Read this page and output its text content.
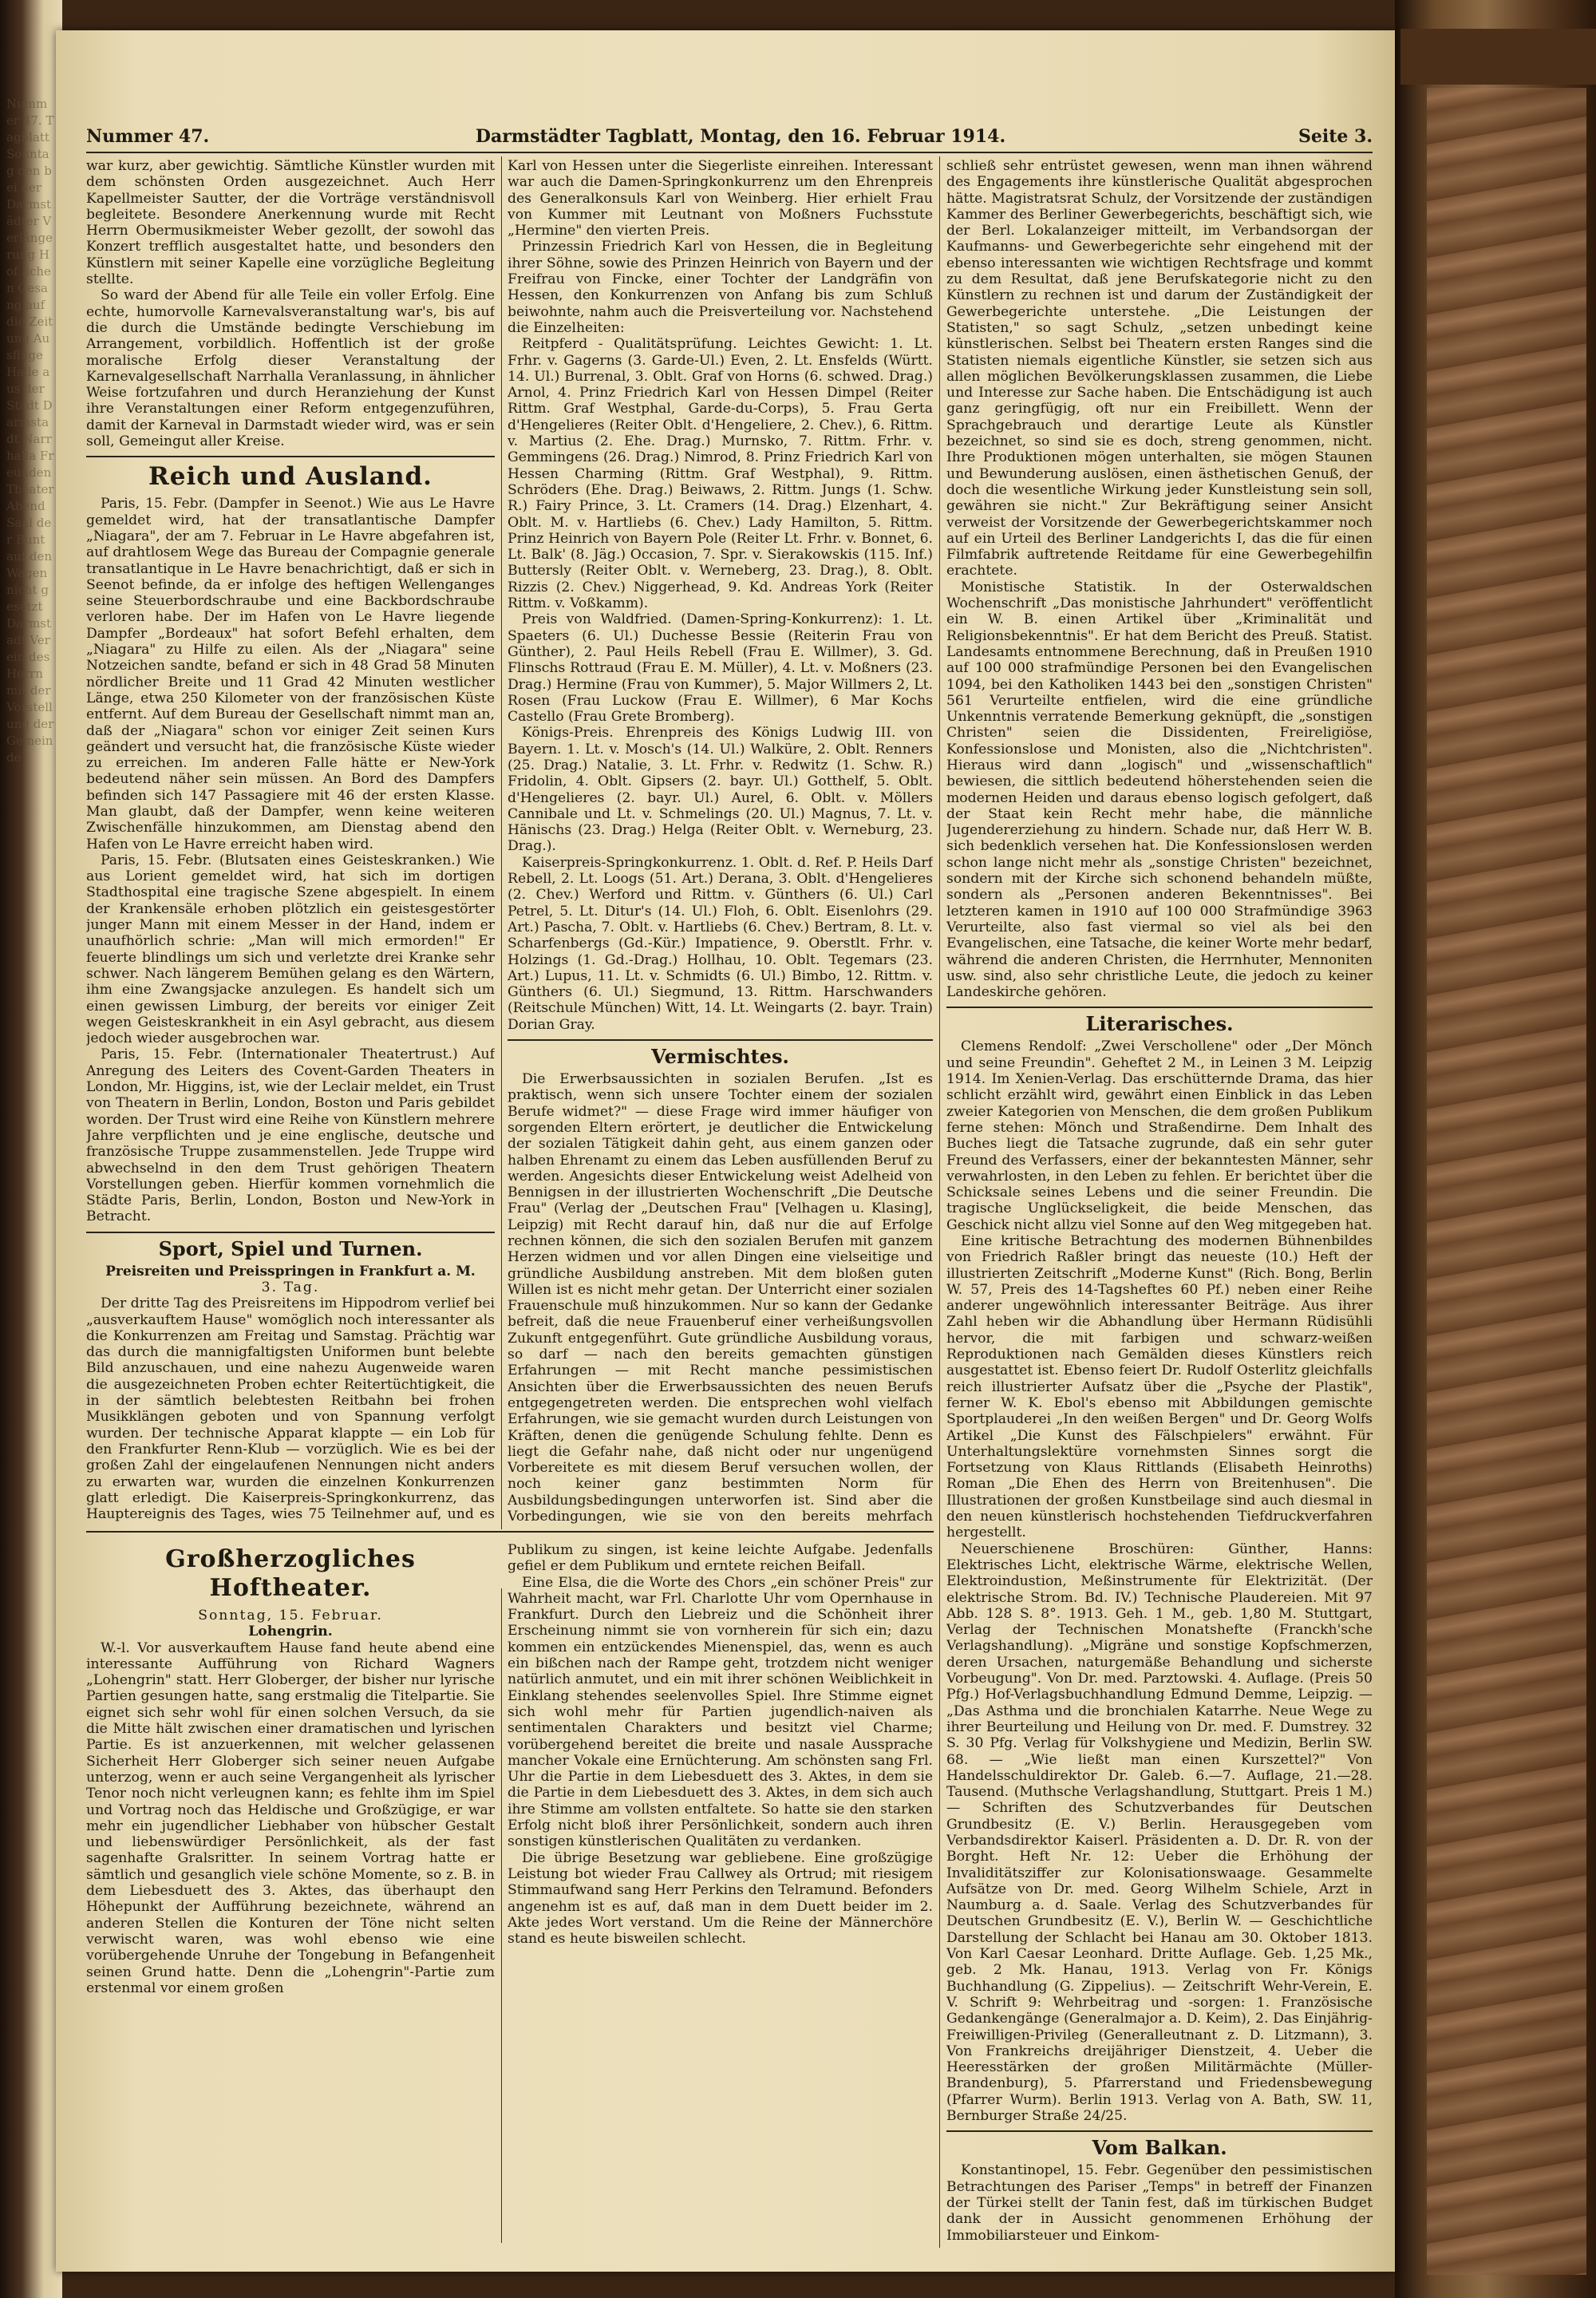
Nummer 47. Tagblatt Sonntag den bei der Darmstädter Verlängerung Hof lichen Gesang auf die Zeitung Ausflüge Halle aus der Stadt Darmstadt Narrhalla Freunden Theater Abend Saal der Bunt auf den Wagen nicht gesetzt Darmstadt Verein des Herrn mit der Vorstellung der Gemeinde
Nummer 47.	Darmstädter Tagblatt, Montag, den 16. Februar 1914.	Seite 3.

war kurz, aber gewichtig. Sämtliche Künstler wurden mit dem schönsten Orden ausgezeichnet. Auch Herr Kapellmeister Sautter, der die Vorträge verständnisvoll begleitete. Besondere Anerkennung wurde mit Recht Herrn Obermusikmeister Weber gezollt, der sowohl das Konzert trefflich ausgestaltet hatte, und besonders den Künstlern mit seiner Kapelle eine vorzügliche Begleitung stellte.

So ward der Abend für alle Teile ein voller Erfolg. Eine echte, humorvolle Karnevalsveranstaltung war's, bis auf die durch die Umstände bedingte Verschiebung im Arrangement, vorbildlich. Hoffentlich ist der große moralische Erfolg dieser Veranstaltung der Karnevalgesellschaft Narrhalla Veranlassung, in ähnlicher Weise fortzufahren und durch Heranziehung der Kunst ihre Veranstaltungen einer Reform entgegenzuführen, damit der Karneval in Darmstadt wieder wird, was er sein soll, Gemeingut aller Kreise.

Reich und Ausland.

Paris, 15. Febr. (Dampfer in Seenot.) Wie aus Le Havre gemeldet wird, hat der transatlantische Dampfer „Niagara", der am 7. Februar in Le Havre abgefahren ist, auf drahtlosem Wege das Bureau der Compagnie generale transatlantique in Le Havre benachrichtigt, daß er sich in Seenot befinde, da er infolge des heftigen Wellenganges seine Steuerbordschraube und eine Backbordschraube verloren habe. Der im Hafen von Le Havre liegende Dampfer „Bordeaux" hat sofort Befehl erhalten, dem „Niagara" zu Hilfe zu eilen. Als der „Niagara" seine Notzeichen sandte, befand er sich in 48 Grad 58 Minuten nördlicher Breite und 11 Grad 42 Minuten westlicher Länge, etwa 250 Kilometer von der französischen Küste entfernt. Auf dem Bureau der Gesellschaft nimmt man an, daß der „Niagara" schon vor einiger Zeit seinen Kurs geändert und versucht hat, die französische Küste wieder zu erreichen. Im anderen Falle hätte er New-York bedeutend näher sein müssen. An Bord des Dampfers befinden sich 147 Passagiere mit 46 der ersten Klasse. Man glaubt, daß der Dampfer, wenn keine weiteren Zwischenfälle hinzukommen, am Dienstag abend den Hafen von Le Havre erreicht haben wird.

Paris, 15. Febr. (Blutsaten eines Geisteskranken.) Wie aus Lorient gemeldet wird, hat sich im dortigen Stadthospital eine tragische Szene abgespielt. In einem der Krankensäle erhoben plötzlich ein geistesgestörter junger Mann mit einem Messer in der Hand, indem er unaufhörlich schrie: „Man will mich ermorden!" Er feuerte blindlings um sich und verletzte drei Kranke sehr schwer. Nach längerem Bemühen gelang es den Wärtern, ihm eine Zwangsjacke anzulegen. Es handelt sich um einen gewissen Limburg, der bereits vor einiger Zeit wegen Geisteskrankheit in ein Asyl gebracht, aus diesem jedoch wieder ausgebrochen war.

Paris, 15. Febr. (Internationaler Theatertrust.) Auf Anregung des Leiters des Covent-Garden Theaters in London, Mr. Higgins, ist, wie der Leclair meldet, ein Trust von Theatern in Berlin, London, Boston und Paris gebildet worden. Der Trust wird eine Reihe von Künstlern mehrere Jahre verpflichten und je eine englische, deutsche und französische Truppe zusammenstellen. Jede Truppe wird abwechselnd in den dem Trust gehörigen Theatern Vorstellungen geben. Hierfür kommen vornehmlich die Städte Paris, Berlin, London, Boston und New-York in Betracht.

Sport, Spiel und Turnen.

Preisreiten und Preisspringen in Frankfurt a. M.

3. Tag.

Der dritte Tag des Preisreitens im Hippodrom verlief bei „ausverkauftem Hause" womöglich noch interessanter als die Konkurrenzen am Freitag und Samstag. Prächtig war das durch die mannigfaltigsten Uniformen bunt belebte Bild anzuschauen, und eine nahezu Augenweide waren die ausgezeichneten Proben echter Reitertüchtigkeit, die in der sämtlich belebtesten Reitbahn bei frohen Musikklängen geboten und von Spannung verfolgt wurden. Der technische Apparat klappte — ein Lob für den Frankfurter Renn-Klub — vorzüglich. Wie es bei der großen Zahl der eingelaufenen Nennungen nicht anders zu erwarten war, wurden die einzelnen Konkurrenzen glatt erledigt. Die Kaiserpreis-Springkonkurrenz, das Hauptereignis des Tages, wies 75 Teilnehmer auf, und es

Karl von Hessen unter die Siegerliste einreihen. Interessant war auch die Damen-Springkonkurrenz um den Ehrenpreis des Generalkonsuls Karl von Weinberg. Hier erhielt Frau von Kummer mit Leutnant von Moßners Fuchsstute „Hermine" den vierten Preis.

Prinzessin Friedrich Karl von Hessen, die in Begleitung ihrer Söhne, sowie des Prinzen Heinrich von Bayern und der Freifrau von Fincke, einer Tochter der Landgräfin von Hessen, den Konkurrenzen von Anfang bis zum Schluß beiwohnte, nahm auch die Preisverteilung vor. Nachstehend die Einzelheiten:

Reitpferd - Qualitätsprüfung. Leichtes Gewicht: 1. Lt. Frhr. v. Gagerns (3. Garde-Ul.) Even, 2. Lt. Ensfelds (Württ. 14. Ul.) Burrenal, 3. Oblt. Graf von Horns (6. schwed. Drag.) Arnol, 4. Prinz Friedrich Karl von Hessen Dimpel (Reiter Rittm. Graf Westphal, Garde-du-Corps), 5. Frau Gerta d'Hengelieres (Reiter Oblt. d'Hengeliere, 2. Chev.), 6. Rittm. v. Martius (2. Ehe. Drag.) Murnsko, 7. Rittm. Frhr. v. Gemmingens (26. Drag.) Nimrod, 8. Prinz Friedrich Karl von Hessen Charming (Rittm. Graf Westphal), 9. Rittm. Schröders (Ehe. Drag.) Beiwaws, 2. Rittm. Jungs (1. Schw. R.) Fairy Prince, 3. Lt. Cramers (14. Drag.) Elzenhart, 4. Oblt. M. v. Hartliebs (6. Chev.) Lady Hamilton, 5. Rittm. Prinz Heinrich von Bayern Pole (Reiter Lt. Frhr. v. Bonnet, 6. Lt. Balk' (8. Jäg.) Occasion, 7. Spr. v. Sierakowskis (115. Inf.) Buttersly (Reiter Oblt. v. Werneberg, 23. Drag.), 8. Oblt. Rizzis (2. Chev.) Niggerhead, 9. Kd. Andreas York (Reiter Rittm. v. Voßkamm).

Preis von Waldfried. (Damen-Spring-Konkurrenz): 1. Lt. Spaeters (6. Ul.) Duchesse Bessie (Reiterin Frau von Günther), 2. Paul Heils Rebell (Frau E. Willmer), 3. Gd. Flinschs Rottraud (Frau E. M. Müller), 4. Lt. v. Moßners (23. Drag.) Hermine (Frau von Kummer), 5. Major Willmers 2, Lt. Rosen (Frau Luckow (Frau E. Willmer), 6 Mar Kochs Castello (Frau Grete Bromberg).

Königs-Preis. Ehrenpreis des Königs Ludwig III. von Bayern. 1. Lt. v. Mosch's (14. Ul.) Walküre, 2. Oblt. Renners (25. Drag.) Natalie, 3. Lt. Frhr. v. Redwitz (1. Schw. R.) Fridolin, 4. Oblt. Gipsers (2. bayr. Ul.) Gotthelf, 5. Oblt. d'Hengelieres (2. bayr. Ul.) Aurel, 6. Oblt. v. Möllers Cannibale und Lt. v. Schmelings (20. Ul.) Magnus, 7. Lt. v. Hänischs (23. Drag.) Helga (Reiter Oblt. v. Werneburg, 23. Drag.).

Kaiserpreis-Springkonkurrenz. 1. Oblt. d. Ref. P. Heils Darf Rebell, 2. Lt. Loogs (51. Art.) Derana, 3. Oblt. d'Hengelieres (2. Chev.) Werford und Rittm. v. Günthers (6. Ul.) Carl Petrel, 5. Lt. Ditur's (14. Ul.) Floh, 6. Oblt. Eisenlohrs (29. Art.) Pascha, 7. Oblt. v. Hartliebs (6. Chev.) Bertram, 8. Lt. v. Scharfenbergs (Gd.-Kür.) Impatience, 9. Oberstlt. Frhr. v. Holzings (1. Gd.-Drag.) Hollhau, 10. Oblt. Tegemars (23. Art.) Lupus, 11. Lt. v. Schmidts (6. Ul.) Bimbo, 12. Rittm. v. Günthers (6. Ul.) Siegmund, 13. Rittm. Harschwanders (Reitschule München) Witt, 14. Lt. Weingarts (2. bayr. Train) Dorian Gray.

Vermischtes.

Die Erwerbsaussichten in sozialen Berufen. „Ist es praktisch, wenn sich unsere Tochter einem der sozialen Berufe widmet?" — diese Frage wird immer häufiger von sorgenden Eltern erörtert, je deutlicher die Entwickelung der sozialen Tätigkeit dahin geht, aus einem ganzen oder halben Ehrenamt zu einem das Leben ausfüllenden Beruf zu werden. Angesichts dieser Entwickelung weist Adelheid von Bennigsen in der illustrierten Wochenschrift „Die Deutsche Frau" (Verlag der „Deutschen Frau" [Velhagen u. Klasing], Leipzig) mit Recht darauf hin, daß nur die auf Erfolge rechnen können, die sich den sozialen Berufen mit ganzem Herzen widmen und vor allen Dingen eine vielseitige und gründliche Ausbildung anstreben. Mit dem bloßen guten Willen ist es nicht mehr getan. Der Unterricht einer sozialen Frauenschule muß hinzukommen. Nur so kann der Gedanke befreit, daß die neue Frauenberuf einer verheißungsvollen Zukunft entgegenführt. Gute gründliche Ausbildung voraus, so darf — nach den bereits gemachten günstigen Erfahrungen — mit Recht manche pessimistischen Ansichten über die Erwerbsaussichten des neuen Berufs entgegengetreten werden. Die entsprechen wohl vielfach Erfahrungen, wie sie gemacht wurden durch Leistungen von Kräften, denen die genügende Schulung fehlte. Denn es liegt die Gefahr nahe, daß nicht oder nur ungenügend Vorbereitete es mit diesem Beruf versuchen wollen, der noch keiner ganz bestimmten Norm für Ausbildungsbedingungen unterworfen ist. Sind aber die Vorbedingungen, wie sie von den bereits mehrfach

schließ sehr entrüstet gewesen, wenn man ihnen während des Engagements ihre künstlerische Qualität abgesprochen hätte. Magistratsrat Schulz, der Vorsitzende der zuständigen Kammer des Berliner Gewerbegerichts, beschäftigt sich, wie der Berl. Lokalanzeiger mitteilt, im Verbandsorgan der Kaufmanns- und Gewerbegerichte sehr eingehend mit der ebenso interessanten wie wichtigen Rechtsfrage und kommt zu dem Resultat, daß jene Berufskategorie nicht zu den Künstlern zu rechnen ist und darum der Zuständigkeit der Gewerbegerichte unterstehe. „Die Leistungen der Statisten," so sagt Schulz, „setzen unbedingt keine künstlerischen. Selbst bei Theatern ersten Ranges sind die Statisten niemals eigentliche Künstler, sie setzen sich aus allen möglichen Bevölkerungsklassen zusammen, die Liebe und Interesse zur Sache haben. Die Entschädigung ist auch ganz geringfügig, oft nur ein Freibillett. Wenn der Sprachgebrauch und derartige Leute als Künstler bezeichnet, so sind sie es doch, streng genommen, nicht. Ihre Produktionen mögen unterhalten, sie mögen Staunen und Bewunderung auslösen, einen ästhetischen Genuß, der doch die wesentliche Wirkung jeder Kunstleistung sein soll, gewähren sie nicht." Zur Bekräftigung seiner Ansicht verweist der Vorsitzende der Gewerbegerichtskammer noch auf ein Urteil des Berliner Landgerichts I, das die für einen Filmfabrik auftretende Reitdame für eine Gewerbegehilfin erachtete.

Monistische Statistik. In der Osterwaldschen Wochenschrift „Das monistische Jahrhundert" veröffentlicht ein W. B. einen Artikel über „Kriminalität und Religionsbekenntnis". Er hat dem Bericht des Preuß. Statist. Landesamts entnommene Berechnung, daß in Preußen 1910 auf 100 000 strafmündige Personen bei den Evangelischen 1094, bei den Katholiken 1443 bei den „sonstigen Christen" 561 Verurteilte entfielen, wird die eine gründliche Unkenntnis verratende Bemerkung geknüpft, die „sonstigen Christen" seien die Dissidenten, Freireligiöse, Konfessionslose und Monisten, also die „Nichtchristen". Hieraus wird dann „logisch" und „wissenschaftlich" bewiesen, die sittlich bedeutend höherstehenden seien die modernen Heiden und daraus ebenso logisch gefolgert, daß der Staat kein Recht mehr habe, die männliche Jugendererziehung zu hindern. Schade nur, daß Herr W. B. sich bedenklich versehen hat. Die Konfessionslosen werden schon lange nicht mehr als „sonstige Christen" bezeichnet, sondern mit der Kirche sich schonend behandeln müßte, sondern als „Personen anderen Bekenntnisses". Bei letzteren kamen in 1910 auf 100 000 Strafmündige 3963 Verurteilte, also fast viermal so viel als bei den Evangelischen, eine Tatsache, die keiner Worte mehr bedarf, während die anderen Christen, die Herrnhuter, Mennoniten usw. sind, also sehr christliche Leute, die jedoch zu keiner Landeskirche gehören.

Literarisches.

Clemens Rendolf: „Zwei Verschollene" oder „Der Mönch und seine Freundin". Geheftet 2 M., in Leinen 3 M. Leipzig 1914. Im Xenien-Verlag. Das erschütternde Drama, das hier schlicht erzählt wird, gewährt einen Einblick in das Leben zweier Kategorien von Menschen, die dem großen Publikum ferne stehen: Mönch und Straßendirne. Dem Inhalt des Buches liegt die Tatsache zugrunde, daß ein sehr guter Freund des Verfassers, einer der bekanntesten Männer, sehr verwahrlosten, in den Leben zu fehlen. Er berichtet über die Schicksale seines Lebens und die seiner Freundin. Die tragische Unglückseligkeit, die beide Menschen, das Geschick nicht allzu viel Sonne auf den Weg mitgegeben hat.

Eine kritische Betrachtung des modernen Bühnenbildes von Friedrich Raßler bringt das neueste (10.) Heft der illustrierten Zeitschrift „Moderne Kunst" (Rich. Bong, Berlin W. 57, Preis des 14-Tagsheftes 60 Pf.) neben einer Reihe anderer ungewöhnlich interessanter Beiträge. Aus ihrer Zahl heben wir die Abhandlung über Hermann Rüdisühli hervor, die mit farbigen und schwarz-weißen Reproduktionen nach Gemälden dieses Künstlers reich ausgestattet ist. Ebenso feiert Dr. Rudolf Osterlitz gleichfalls reich illustrierter Aufsatz über die „Psyche der Plastik", ferner W. K. Ebol's ebenso mit Abbildungen gemischte Sportplauderei „In den weißen Bergen" und Dr. Georg Wolfs Artikel „Die Kunst des Fälschpielers" erwähnt. Für Unterhaltungslektüre vornehmsten Sinnes sorgt die Fortsetzung von Klaus Rittlands (Elisabeth Heinroths) Roman „Die Ehen des Herrn von Breitenhusen". Die Illustrationen der großen Kunstbeilage sind auch diesmal in den neuen künstlerisch hochstehenden Tiefdruckverfahren hergestellt.

Neuerschienene Broschüren: Günther, Hanns: Elektrisches Licht, elektrische Wärme, elektrische Wellen, Elektroindustion, Meßinstrumente für Elektrizität. (Der elektrische Strom. Bd. IV.) Technische Plaudereien. Mit 97 Abb. 128 S. 8°. 1913. Geh. 1 M., geb. 1,80 M. Stuttgart, Verlag der Technischen Monatshefte (Franckh'sche Verlagshandlung). „Migräne und sonstige Kopfschmerzen, deren Ursachen, naturgemäße Behandlung und sicherste Vorbeugung". Von Dr. med. Parztowski. 4. Auflage. (Preis 50 Pfg.) Hof-Verlagsbuchhandlung Edmund Demme, Leipzig. — „Das Asthma und die bronchialen Katarrhe. Neue Wege zu ihrer Beurteilung und Heilung von Dr. med. F. Dumstrey. 32 S. 30 Pfg. Verlag für Volkshygiene und Medizin, Berlin SW. 68. — „Wie ließt man einen Kurszettel?" Von Handelsschuldirektor Dr. Galeb. 6.—7. Auflage, 21.—28. Tausend. (Muthsche Verlagshandlung, Stuttgart. Preis 1 M.) — Schriften des Schutzverbandes für Deutschen Grundbesitz (E. V.) Berlin. Herausgegeben vom Verbandsdirektor Kaiserl. Präsidenten a. D. Dr. R. von der Borght. Heft Nr. 12: Ueber die Erhöhung der Invaliditätsziffer zur Kolonisationswaage. Gesammelte Aufsätze von Dr. med. Georg Wilhelm Schiele, Arzt in Naumburg a. d. Saale. Verlag des Schutzverbandes für Deutschen Grundbesitz (E. V.), Berlin W. — Geschichtliche Darstellung der Schlacht bei Hanau am 30. Oktober 1813. Von Karl Caesar Leonhard. Dritte Auflage. Geb. 1,25 Mk., geb. 2 Mk. Hanau, 1913. Verlag von Fr. Königs Buchhandlung (G. Zippelius). — Zeitschrift Wehr-Verein, E. V. Schrift 9: Wehrbeitrag und -sorgen: 1. Französische Gedankengänge (Generalmajor a. D. Keim), 2. Das Einjährig-Freiwilligen-Privileg (Generalleutnant z. D. Litzmann), 3. Von Frankreichs dreijähriger Dienstzeit, 4. Ueber die Heeresstärken der großen Militärmächte (Müller-Brandenburg), 5. Pfarrerstand und Friedensbewegung (Pfarrer Wurm). Berlin 1913. Verlag von A. Bath, SW. 11, Bernburger Straße 24/25.

Vom Balkan.

Konstantinopel, 15. Febr. Gegenüber den pessimistischen Betrachtungen des Pariser „Temps" in betreff der Finanzen der Türkei stellt der Tanin fest, daß im türkischen Budget dank der in Aussicht genommenen Erhöhung der Immobiliarsteuer und Einkom-

Großherzogliches Hoftheater.

Sonntag, 15. Februar.

Lohengrin.

W.-l. Vor ausverkauftem Hause fand heute abend eine interessante Aufführung von Richard Wagners „Lohengrin" statt. Herr Globerger, der bisher nur lyrische Partien gesungen hatte, sang erstmalig die Titelpartie. Sie eignet sich sehr wohl für einen solchen Versuch, da sie die Mitte hält zwischen einer dramatischen und lyrischen Partie. Es ist anzuerkennen, mit welcher gelassenen Sicherheit Herr Globerger sich seiner neuen Aufgabe unterzog, wenn er auch seine Vergangenheit als lyrischer Tenor noch nicht verleugnen kann; es fehlte ihm im Spiel und Vortrag noch das Heldische und Großzügige, er war mehr ein jugendlicher Liebhaber von hübscher Gestalt und liebenswürdiger Persönlichkeit, als der fast sagenhafte Gralsritter. In seinem Vortrag hatte er sämtlich und gesanglich viele schöne Momente, so z. B. in dem Liebesduett des 3. Aktes, das überhaupt den Höhepunkt der Aufführung bezeichnete, während an anderen Stellen die Konturen der Töne nicht selten verwischt waren, was wohl ebenso wie eine vorübergehende Unruhe der Tongebung in Befangenheit seinen Grund hatte. Denn die „Lohengrin"-Partie zum erstenmal vor einem großen

Publikum zu singen, ist keine leichte Aufgabe. Jedenfalls gefiel er dem Publikum und erntete reichen Beifall.

Eine Elsa, die die Worte des Chors „ein schöner Preis" zur Wahrheit macht, war Frl. Charlotte Uhr vom Opernhause in Frankfurt. Durch den Liebreiz und die Schönheit ihrer Erscheinung nimmt sie von vornherein für sich ein; dazu kommen ein entzückendes Mienenspiel, das, wenn es auch ein bißchen nach der Rampe geht, trotzdem nicht weniger natürlich anmutet, und ein mit ihrer schönen Weiblichkeit in Einklang stehendes seelenvolles Spiel. Ihre Stimme eignet sich wohl mehr für Partien jugendlich-naiven als sentimentalen Charakters und besitzt viel Charme; vorübergehend bereitet die breite und nasale Aussprache mancher Vokale eine Ernüchterung. Am schönsten sang Frl. Uhr die Partie in dem Liebesduett des 3. Aktes, in dem sie die Partie in dem Liebesduett des 3. Aktes, in dem sich auch ihre Stimme am vollsten entfaltete. So hatte sie den starken Erfolg nicht bloß ihrer Persönlichkeit, sondern auch ihren sonstigen künstlerischen Qualitäten zu verdanken.

Die übrige Besetzung war gebliebene. Eine großzügige Leistung bot wieder Frau Callwey als Ortrud; mit riesigem Stimmaufwand sang Herr Perkins den Telramund. Befonders angenehm ist es auf, daß man in dem Duett beider im 2. Akte jedes Wort verstand. Um die Reine der Männerchöre stand es heute bisweilen schlecht.
